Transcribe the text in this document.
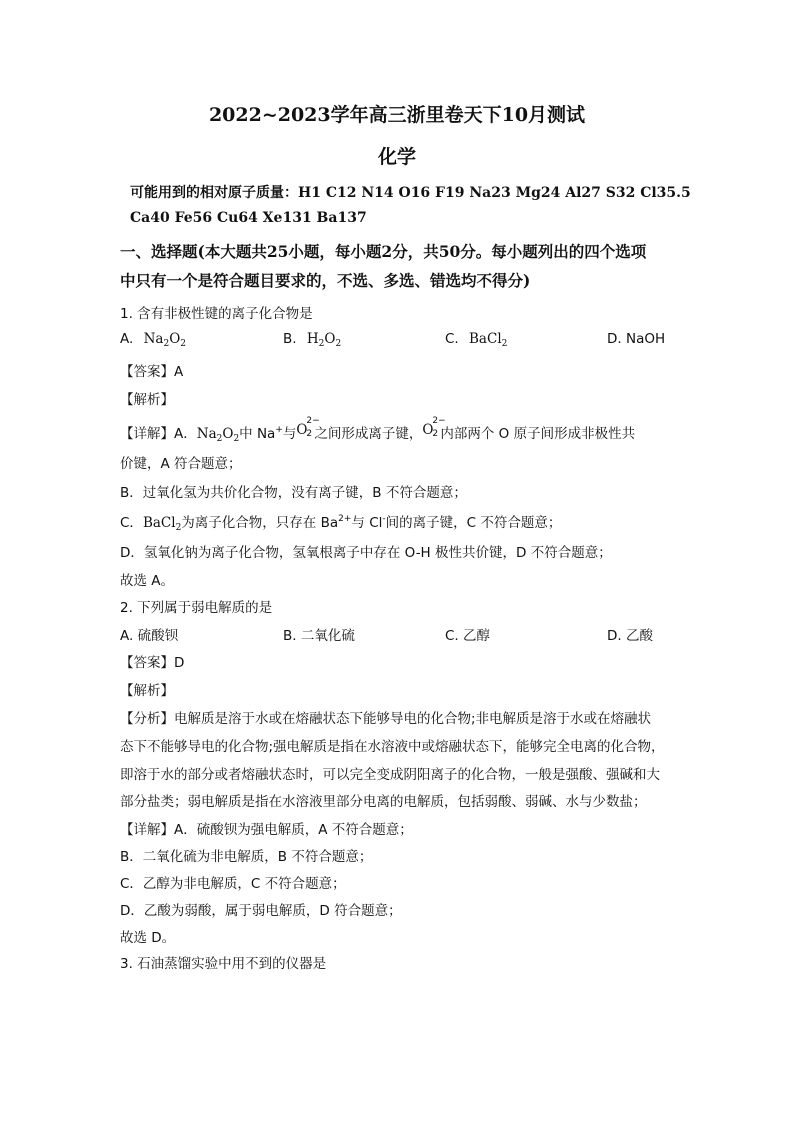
2022~2023学年高三浙里卷天下10月测试
化学
可能用到的相对原子质量：H1 C12 N14 O16 F19 Na23 Mg24 Al27 S32 Cl35.5
Ca40 Fe56 Cu64 Xe131 Ba137
一、选择题(本大题共25小题，每小题2分，共50分。每小题列出的四个选项
中只有一个是符合题目要求的，不选、多选、错选均不得分)
1. 含有非极性键的离子化合物是
A. $Na_2O_2$	B. $H_2O_2$	C. BaCl$_2$	D. NaOH
【答案】A
【解析】
【详解】A．$Na_2O_2$中 Na+与 O
2−
2 之间形成离子键， O
2−
2 内部两个 O 原子间形成非极性共
价键，A 符合题意；
B．过氧化氢为共价化合物，没有离子键，B 不符合题意；
C．BaCl$_2$为离子化合物，只存在 $Ba^{2+}$与 Cl-间的离子键，C 不符合题意；
D．氢氧化钠为离子化合物，氢氧根离子中存在 O-H 极性共价键，D 不符合题意；
故选 A。
2. 下列属于弱电解质的是
A. 硫酸钡	B. 二氧化硫	C. 乙醇	D. 乙酸
【答案】D
【解析】
【分析】电解质是溶于水或在熔融状态下能够导电的化合物;非电解质是溶于水或在熔融状
态下不能够导电的化合物;强电解质是指在水溶液中或熔融状态下，能够完全电离的化合物，
即溶于水的部分或者熔融状态时，可以完全变成阴阳离子的化合物，一般是强酸、强碱和大
部分盐类；弱电解质是指在水溶液里部分电离的电解质，包括弱酸、弱碱、水与少数盐；
【详解】A．硫酸钡为强电解质，A 不符合题意；
B．二氧化硫为非电解质，B 不符合题意；
C．乙醇为非电解质，C 不符合题意；
D．乙酸为弱酸，属于弱电解质，D 符合题意；
故选 D。
3. 石油蒸馏实验中用不到的仪器是
